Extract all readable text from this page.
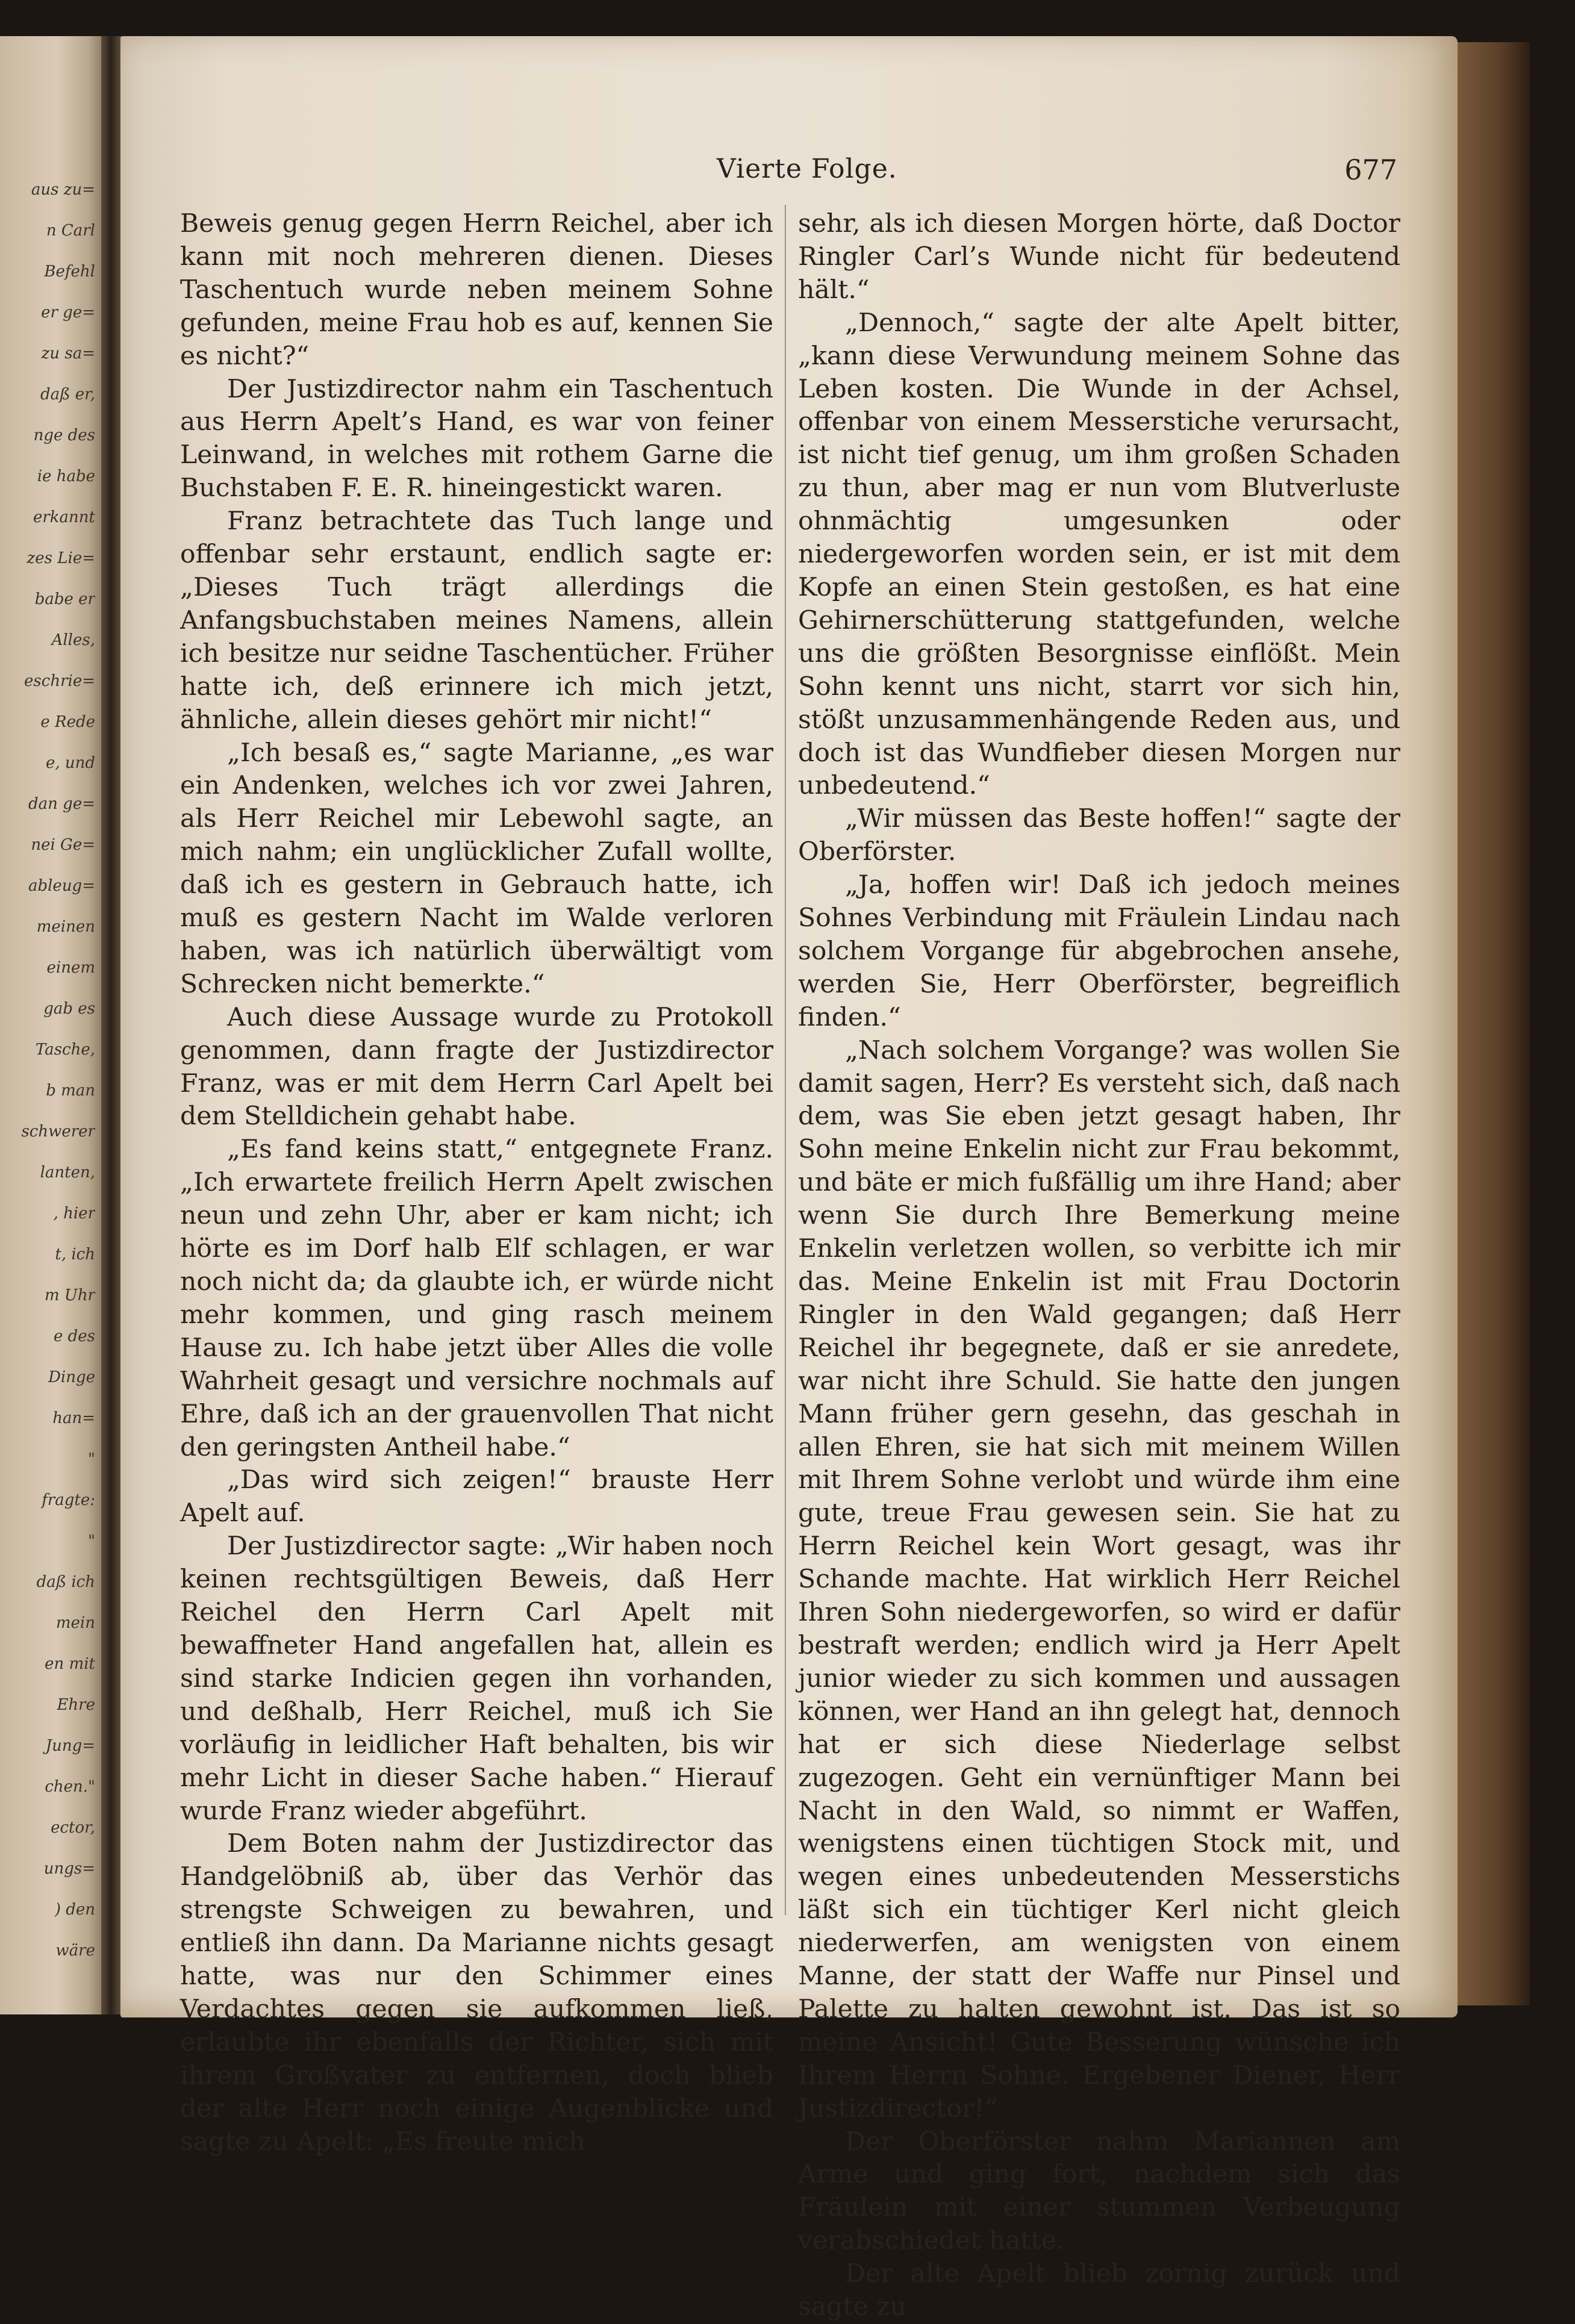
aus zu=
n Carl
Befehl
er ge=
zu sa=
daß er,
nge des
ie habe
erkannt
zes Lie=
babe er
Alles,
eschrie=
e Rede
e, und
dan ge=
nei Ge=
ableug=
meinen
einem
gab es
Tasche,
b man
schwerer
lanten,
, hier
t, ich
m Uhr
e des
Dinge
han=
"
fragte:
"
daß ich
mein
en mit
Ehre
Jung=
chen."
ector,
ungs=
) den
wäre
Vierte Folge.	677

Beweis genug gegen Herrn Reichel, aber ich kann mit noch mehreren dienen. Dieses Taschentuch wurde neben meinem Sohne gefunden, meine Frau hob es auf, kennen Sie es nicht?“

Der Justizdirector nahm ein Taschentuch aus Herrn Apelt’s Hand, es war von feiner Leinwand, in welches mit rothem Garne die Buchstaben F. E. R. hineingestickt waren.

Franz betrachtete das Tuch lange und offenbar sehr erstaunt, endlich sagte er: „Dieses Tuch trägt allerdings die Anfangsbuchstaben meines Namens, allein ich besitze nur seidne Taschentücher. Früher hatte ich, deß erinnere ich mich jetzt, ähnliche, allein dieses gehört mir nicht!“

„Ich besaß es,“ sagte Marianne, „es war ein Andenken, welches ich vor zwei Jahren, als Herr Reichel mir Lebewohl sagte, an mich nahm; ein unglücklicher Zufall wollte, daß ich es gestern in Gebrauch hatte, ich muß es gestern Nacht im Walde verloren haben, was ich natürlich überwältigt vom Schrecken nicht bemerkte.“

Auch diese Aussage wurde zu Protokoll genommen, dann fragte der Justizdirector Franz, was er mit dem Herrn Carl Apelt bei dem Stelldichein gehabt habe.

„Es fand keins statt,“ entgegnete Franz. „Ich erwartete freilich Herrn Apelt zwischen neun und zehn Uhr, aber er kam nicht; ich hörte es im Dorf halb Elf schlagen, er war noch nicht da; da glaubte ich, er würde nicht mehr kommen, und ging rasch meinem Hause zu. Ich habe jetzt über Alles die volle Wahrheit gesagt und versichre nochmals auf Ehre, daß ich an der grauenvollen That nicht den geringsten Antheil habe.“

„Das wird sich zeigen!“ brauste Herr Apelt auf.

Der Justizdirector sagte: „Wir haben noch keinen rechtsgültigen Beweis, daß Herr Reichel den Herrn Carl Apelt mit bewaffneter Hand angefallen hat, allein es sind starke Indicien gegen ihn vorhanden, und deßhalb, Herr Reichel, muß ich Sie vorläufig in leidlicher Haft behalten, bis wir mehr Licht in dieser Sache haben.“ Hierauf wurde Franz wieder abgeführt.

Dem Boten nahm der Justizdirector das Handgelöbniß ab, über das Verhör das strengste Schweigen zu bewahren, und entließ ihn dann. Da Marianne nichts gesagt hatte, was nur den Schimmer eines Verdachtes gegen sie aufkommen ließ, erlaubte ihr ebenfalls der Richter, sich mit ihrem Großvater zu entfernen, doch blieb der alte Herr noch einige Augenblicke und sagte zu Apelt: „Es freute mich

sehr, als ich diesen Morgen hörte, daß Doctor Ringler Carl’s Wunde nicht für bedeutend hält.“

„Dennoch,“ sagte der alte Apelt bitter, „kann diese Verwundung meinem Sohne das Leben kosten. Die Wunde in der Achsel, offenbar von einem Messerstiche verursacht, ist nicht tief genug, um ihm großen Schaden zu thun, aber mag er nun vom Blutverluste ohnmächtig umgesunken oder niedergeworfen worden sein, er ist mit dem Kopfe an einen Stein gestoßen, es hat eine Gehirnerschütterung stattgefunden, welche uns die größten Besorgnisse einflößt. Mein Sohn kennt uns nicht, starrt vor sich hin, stößt unzusammenhängende Reden aus, und doch ist das Wundfieber diesen Morgen nur unbedeutend.“

„Wir müssen das Beste hoffen!“ sagte der Oberförster.

„Ja, hoffen wir! Daß ich jedoch meines Sohnes Verbindung mit Fräulein Lindau nach solchem Vorgange für abgebrochen ansehe, werden Sie, Herr Oberförster, begreiflich finden.“

„Nach solchem Vorgange? was wollen Sie damit sagen, Herr? Es versteht sich, daß nach dem, was Sie eben jetzt gesagt haben, Ihr Sohn meine Enkelin nicht zur Frau bekommt, und bäte er mich fußfällig um ihre Hand; aber wenn Sie durch Ihre Bemerkung meine Enkelin verletzen wollen, so verbitte ich mir das. Meine Enkelin ist mit Frau Doctorin Ringler in den Wald gegangen; daß Herr Reichel ihr begegnete, daß er sie anredete, war nicht ihre Schuld. Sie hatte den jungen Mann früher gern gesehn, das geschah in allen Ehren, sie hat sich mit meinem Willen mit Ihrem Sohne verlobt und würde ihm eine gute, treue Frau gewesen sein. Sie hat zu Herrn Reichel kein Wort gesagt, was ihr Schande machte. Hat wirklich Herr Reichel Ihren Sohn niedergeworfen, so wird er dafür bestraft werden; endlich wird ja Herr Apelt junior wieder zu sich kommen und aussagen können, wer Hand an ihn gelegt hat, dennoch hat er sich diese Niederlage selbst zugezogen. Geht ein vernünftiger Mann bei Nacht in den Wald, so nimmt er Waffen, wenigstens einen tüchtigen Stock mit, und wegen eines unbedeutenden Messerstichs läßt sich ein tüchtiger Kerl nicht gleich niederwerfen, am wenigsten von einem Manne, der statt der Waffe nur Pinsel und Palette zu halten gewohnt ist. Das ist so meine Ansicht! Gute Besserung wünsche ich Ihrem Herrn Sohne. Ergebener Diener, Herr Justizdirector!“

Der Oberförster nahm Mariannen am Arme und ging fort, nachdem sich das Fräulein mit einer stummen Verbeugung verabschiedet hatte.

Der alte Apelt blieb zornig zurück und sagte zu
